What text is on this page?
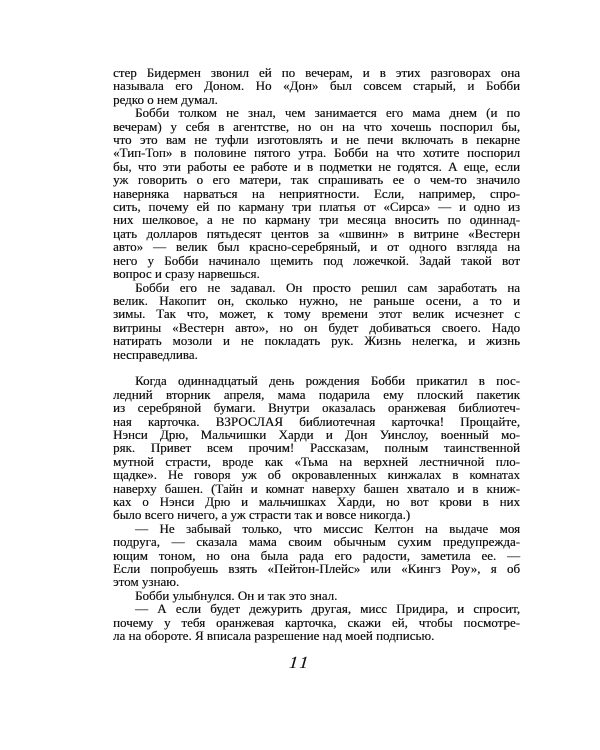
стер Бидермен звонил ей по вечерам, и в этих разговорах она
называла его Доном. Но «Дон» был совсем старый, и Бобби
редко о нем думал.
Бобби толком не знал, чем занимается его мама днем (и по
вечерам) у себя в агентстве, но он на что хочешь поспорил бы,
что это вам не туфли изготовлять и не печи включать в пекарне
«Тип-Топ» в половине пятого утра. Бобби на что хотите поспорил
бы, что эти работы ее работе и в подметки не годятся. А еще, если
уж говорить о его матери, так спрашивать ее о чем-то значило
наверняка нарваться на неприятности. Если, например, спро-
сить, почему ей по карману три платья от «Сирса» — и одно из
них шелковое, а не по карману три месяца вносить по одиннад-
цать долларов пятьдесят центов за «швинн» в витрине «Вестерн
авто» — велик был красно-серебряный, и от одного взгляда на
него у Бобби начинало щемить под ложечкой. Задай такой вот
вопрос и сразу нарвешься.
Бобби его не задавал. Он просто решил сам заработать на
велик. Накопит он, сколько нужно, не раньше осени, а то и
зимы. Так что, может, к тому времени этот велик исчезнет с
витрины «Вестерн авто», но он будет добиваться своего. Надо
натирать мозоли и не покладать рук. Жизнь нелегка, и жизнь
несправедлива.
Когда одиннадцатый день рождения Бобби прикатил в пос-
ледний вторник апреля, мама подарила ему плоский пакетик
из серебряной бумаги. Внутри оказалась оранжевая библиотеч-
ная карточка. ВЗРОСЛАЯ библиотечная карточка! Прощайте,
Нэнси Дрю, Мальчишки Харди и Дон Уинслоу, военный мо-
ряк. Привет всем прочим! Рассказам, полным таинственной
мутной страсти, вроде как «Тьма на верхней лестничной пло-
щадке». Не говоря уж об окровавленных кинжалах в комнатах
наверху башен. (Тайн и комнат наверху башен хватало и в книж-
ках о Нэнси Дрю и мальчишках Харди, но вот крови в них
было всего ничего, а уж страсти так и вовсе никогда.)
— Не забывай только, что миссис Келтон на выдаче моя
подруга, — сказала мама своим обычным сухим предупрежда-
ющим тоном, но она была рада его радости, заметила ее. —
Если попробуешь взять «Пейтон-Плейс» или «Кингз Роу», я об
этом узнаю.
Бобби улыбнулся. Он и так это знал.
— А если будет дежурить другая, мисс Придира, и спросит,
почему у тебя оранжевая карточка, скажи ей, чтобы посмотре-
ла на обороте. Я вписала разрешение над моей подписью.
11
